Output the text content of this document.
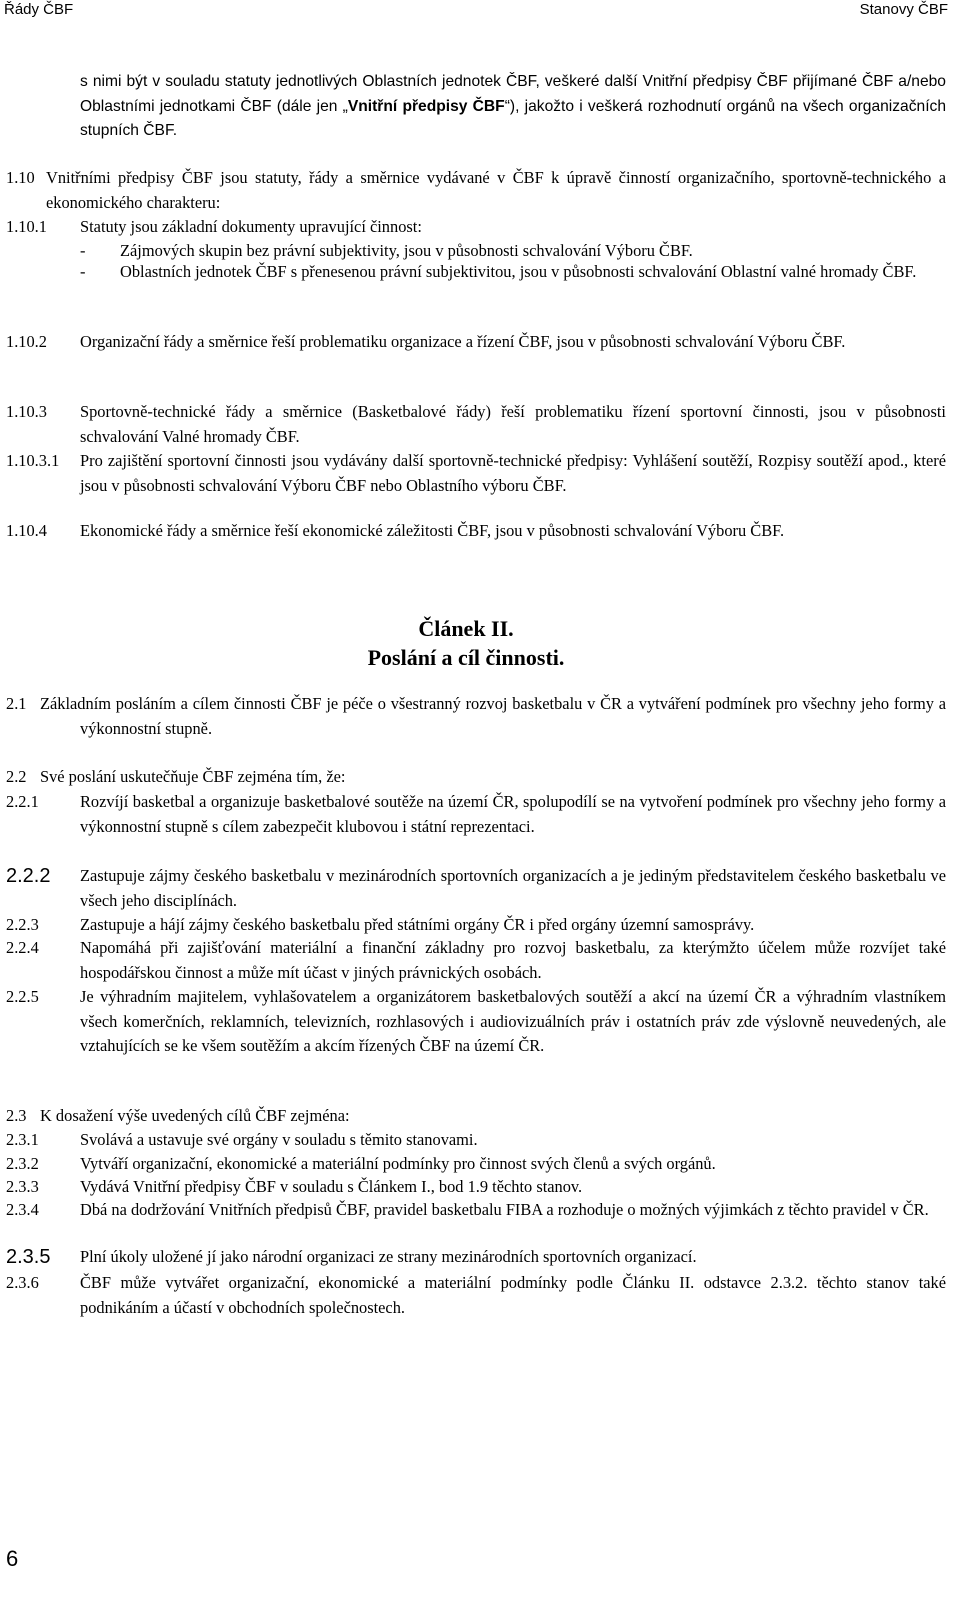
Řády ČBF	Stanovy ČBF
s nimi být v souladu statuty jednotlivých Oblastních jednotek ČBF, veškeré další Vnitřní předpisy ČBF přijímané ČBF a/nebo Oblastními jednotkami ČBF (dále jen „Vnitřní předpisy ČBF“), jakožto i veškerá rozhodnutí orgánů na všech organizačních stupních ČBF.
1.10 Vnitřními předpisy ČBF jsou statuty, řády a směrnice vydávané v ČBF k úpravě činností organizačního, sportovně-technického a ekonomického charakteru:
1.10.1 Statuty jsou základní dokumenty upravující činnost:
- Zájmových skupin bez právní subjektivity, jsou v působnosti schvalování Výboru ČBF.
- Oblastních jednotek ČBF s přenesenou právní subjektivitou, jsou v působnosti schvalování Oblastní valné hromady ČBF.
1.10.2 Organizační řády a směrnice řeší problematiku organizace a řízení ČBF, jsou v působnosti schvalování Výboru ČBF.
1.10.3 Sportovně-technické řády a směrnice (Basketbalové řády) řeší problematiku řízení sportovní činnosti, jsou v působnosti schvalování Valné hromady ČBF.
1.10.3.1 Pro zajištění sportovní činnosti jsou vydávány další sportovně-technické předpisy: Vyhlášení soutěží, Rozpisy soutěží apod., které jsou v působnosti schvalování Výboru ČBF nebo Oblastního výboru ČBF.
1.10.4 Ekonomické řády a směrnice řeší ekonomické záležitosti ČBF, jsou v působnosti schvalování Výboru ČBF.
Článek II.
Poslání a cíl činnosti.
2.1 Základním posláním a cílem činnosti ČBF je péče o všestranný rozvoj basketbalu v ČR a vytváření podmínek pro všechny jeho formy a výkonnostní stupně.
2.2 Své poslání uskutečňuje ČBF zejména tím, že:
2.2.1	Rozvíjí basketbal a organizuje basketbalové soutěže na území ČR, spolupodílí se na vytvoření podmínek pro všechny jeho formy a výkonnostní stupně s cílem zabezpečit klubovou i státní reprezentaci.
2.2.2 Zastupuje zájmy českého basketbalu v mezinárodních sportovních organizacích a je jediným představitelem českého basketbalu ve všech jeho disciplínách.
2.2.3	Zastupuje a hájí zájmy českého basketbalu před státními orgány ČR i před orgány územní samosprávy.
2.2.4	Napomáhá při zajišťování materiální a finanční základny pro rozvoj basketbalu, za kterýmžto účelem může rozvíjet také hospodářskou činnost a může mít účast v jiných právnických osobách.
2.2.5	Je výhradním majitelem, vyhlašovatelem a organizátorem basketbalových soutěží a akcí na území ČR a výhradním vlastníkem všech komerčních, reklamních, televizních, rozhlasových i audiovizuálních práv i ostatních práv zde výslovně neuvedených, ale vztahujících se ke všem soutěžím a akcím řízených ČBF na území ČR.
2.3 K dosažení výše uvedených cílů ČBF zejména:
2.3.1	Svolává a ustavuje své orgány v souladu s těmito stanovami.
2.3.2	Vytváří organizační, ekonomické a materiální podmínky pro činnost svých členů a svých orgánů.
2.3.3	Vydává Vnitřní předpisy ČBF v souladu s Článkem I., bod 1.9 těchto stanov.
2.3.4	Dbá na dodržování Vnitřních předpisů ČBF, pravidel basketbalu FIBA a rozhoduje o možných výjimkách z těchto pravidel v ČR.
2.3.5 Plní úkoly uložené jí jako národní organizaci ze strany mezinárodních sportovních organizací.
2.3.6	ČBF může vytvářet organizační, ekonomické a materiální podmínky podle Článku II. odstavce 2.3.2. těchto stanov také podnikáním a účastí v obchodních společnostech.
6
